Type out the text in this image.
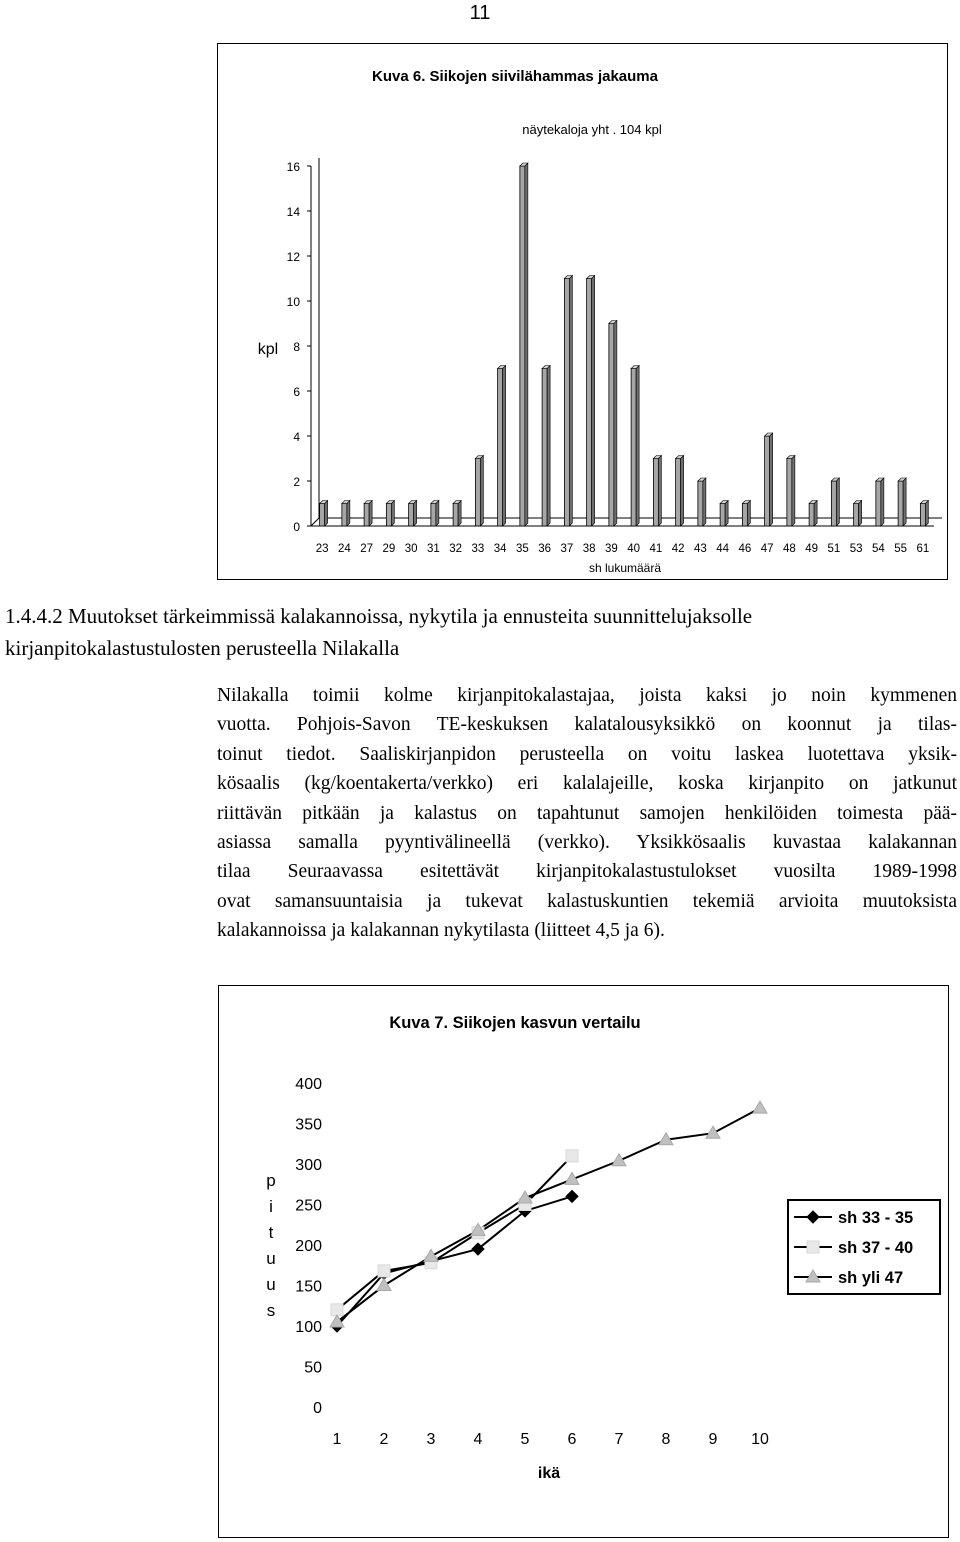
11
Kuva 6. Siikojen siivilähammas jakauma
näytekaloja yht . 104 kpl
kpl
sh lukumäärä
0
2
4
6
8
10
12
14
16
23 24 27 29 30 31 32 33 34 35 36 37 38 39 40 41 42 43 44 46 47 48 49 51 53 54 55 61
1.4.4.2 Muutokset tärkeimmissä kalakannoissa, nykytila ja ennusteita suunnittelujaksolle
kirjanpitokalastustulosten perusteella Nilakalla
Nilakalla toimii kolme kirjanpitokalastajaa, joista kaksi jo noin kymmenen
vuotta. Pohjois-Savon TE-keskuksen kalatalousyksikkö on koonnut ja tilas-
toinut tiedot. Saaliskirjanpidon perusteella on voitu laskea luotettava yksik-
kösaalis (kg/koentakerta/verkko) eri kalalajeille, koska kirjanpito on jatkunut
riittävän pitkään ja kalastus on tapahtunut samojen henkilöiden toimesta pää-
asiassa samalla pyyntivälineellä (verkko). Yksikkösaalis kuvastaa kalakannan
tilaa Seuraavassa esitettävät kirjanpitokalastustulokset vuosilta 1989-1998
ovat samansuuntaisia ja tukevat kalastuskuntien tekemiä arvioita muutoksista
kalakannoissa ja kalakannan nykytilasta (liitteet 4,5 ja 6).
Kuva 7. Siikojen kasvun vertailu
0
50
100
150
200
250
300
350
400
1 2 3 4 5 6 7 8 9 10
p
i
t
u
u
s
ikä
sh 33 - 35
sh 37 - 40
sh yli 47
